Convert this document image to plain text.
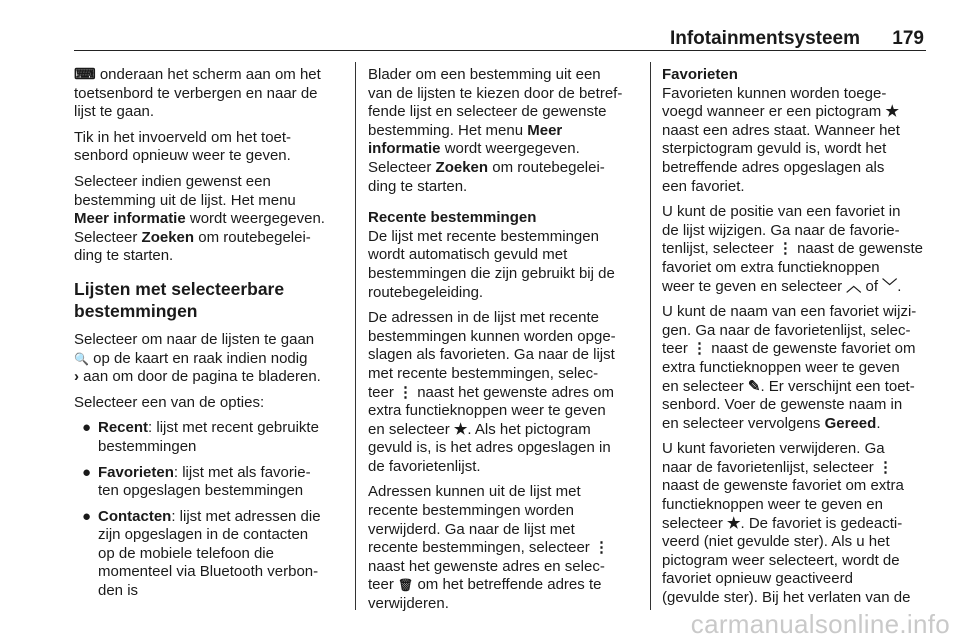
Infotainmentsysteem 179

⌨ onderaan het scherm aan om het
toetsenbord te verbergen en naar de
lijst te gaan.

Tik in het invoerveld om het toet-
senbord opnieuw weer te geven.

Selecteer indien gewenst een
bestemming uit de lijst. Het menu
Meer informatie wordt weergegeven.
Selecteer Zoeken om routebegelei-
ding te starten.

Lijsten met selecteerbare
bestemmingen

Selecteer om naar de lijsten te gaan
🔍 op de kaart en raak indien nodig
› aan om door de pagina te bladeren.

Selecteer een van de opties:

● Recent: lijst met recent gebruikte
bestemmingen
● Favorieten: lijst met als favorie-
ten opgeslagen bestemmingen
● Contacten: lijst met adressen die
zijn opgeslagen in de contacten
op de mobiele telefoon die
momenteel via Bluetooth verbon-
den is

Blader om een bestemming uit een
van de lijsten te kiezen door de betref-
fende lijst en selecteer de gewenste
bestemming. Het menu Meer
informatie wordt weergegeven.
Selecteer Zoeken om routebegelei-
ding te starten.

Recente bestemmingen

De lijst met recente bestemmingen
wordt automatisch gevuld met
bestemmingen die zijn gebruikt bij de
routebegeleiding.

De adressen in de lijst met recente
bestemmingen kunnen worden opge-
slagen als favorieten. Ga naar de lijst
met recente bestemmingen, selec-
teer ⋮ naast het gewenste adres om
extra functieknoppen weer te geven
en selecteer ★. Als het pictogram
gevuld is, is het adres opgeslagen in
de favorietenlijst.

Adressen kunnen uit de lijst met
recente bestemmingen worden
verwijderd. Ga naar de lijst met
recente bestemmingen, selecteer ⋮
naast het gewenste adres en selec-
teer 🗑 om het betreffende adres te
verwijderen.

Favorieten

Favorieten kunnen worden toege-
voegd wanneer er een pictogram ★
naast een adres staat. Wanneer het
sterpictogram gevuld is, wordt het
betreffende adres opgeslagen als
een favoriet.

U kunt de positie van een favoriet in
de lijst wijzigen. Ga naar de favorie-
tenlijst, selecteer ⋮ naast de gewenste
favoriet om extra functieknoppen
weer te geven en selecteer ︿ of ﹀.

U kunt de naam van een favoriet wijzi-
gen. Ga naar de favorietenlijst, selec-
teer ⋮ naast de gewenste favoriet om
extra functieknoppen weer te geven
en selecteer ✎. Er verschijnt een toet-
senbord. Voer de gewenste naam in
en selecteer vervolgens Gereed.

U kunt favorieten verwijderen. Ga
naar de favorietenlijst, selecteer ⋮
naast de gewenste favoriet om extra
functieknoppen weer te geven en
selecteer ★. De favoriet is gedeacti-
veerd (niet gevulde ster). Als u het
pictogram weer selecteert, wordt de
favoriet opnieuw geactiveerd
(gevulde ster). Bij het verlaten van de

carmanualsonline.info
